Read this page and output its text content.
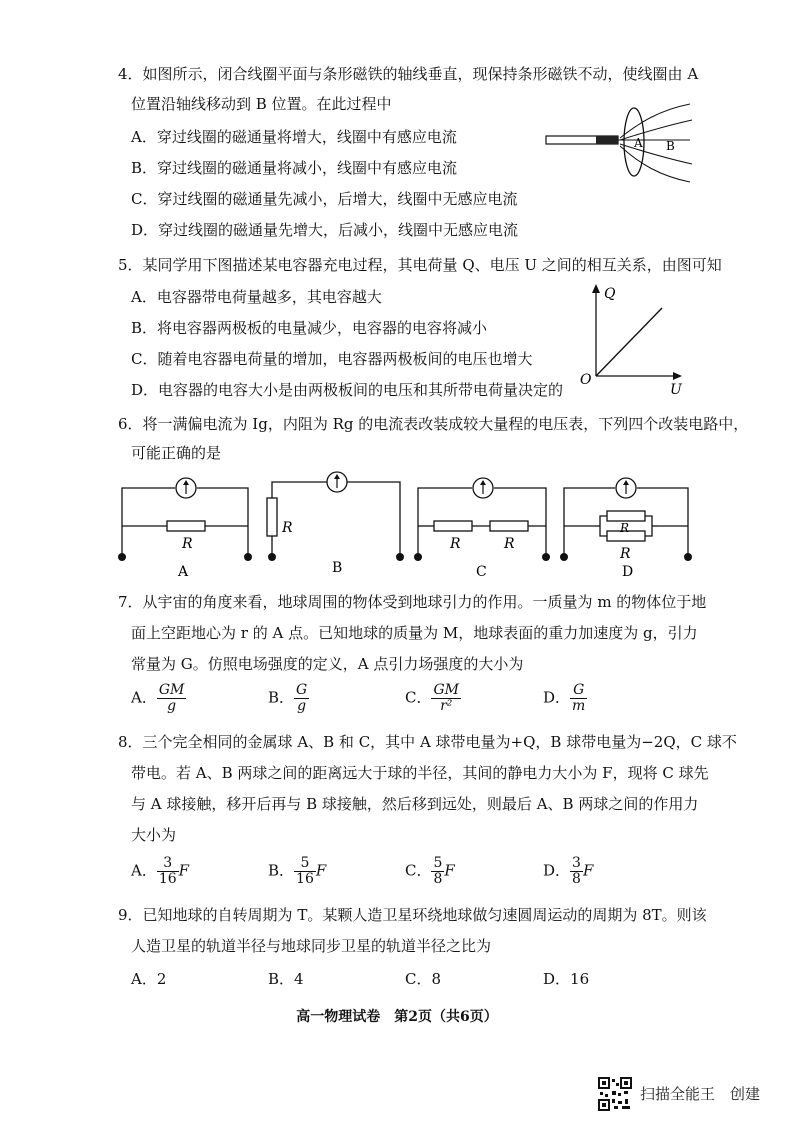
4．如图所示，闭合线圈平面与条形磁铁的轴线垂直，现保持条形磁铁不动，使线圈由 A
位置沿轴线移动到 B 位置。在此过程中
A．穿过线圈的磁通量将增大，线圈中有感应电流
B．穿过线圈的磁通量将减小，线圈中有感应电流
C．穿过线圈的磁通量先减小，后增大，线圈中无感应电流
D．穿过线圈的磁通量先增大，后减小，线圈中无感应电流
A B
5．某同学用下图描述某电容器充电过程，其电荷量 Q、电压 U 之间的相互关系，由图可知
A．电容器带电荷量越多，其电容越大
B．将电容器两极板的电量减少，电容器的电容将减小
C．随着电容器电荷量的增加，电容器两极板间的电压也增大
D．电容器的电容大小是由两极板间的电压和其所带电荷量决定的
Q
U
O
6．将一满偏电流为 Ig，内阻为 Rg 的电流表改装成较大量程的电压表，下列四个改装电路中，
可能正确的是
R
A
R
B
R	R
C
R
R
D
7．从宇宙的角度来看，地球周围的物体受到地球引力的作用。一质量为 m 的物体位于地
面上空距地心为 r 的 A 点。已知地球的质量为 M，地球表面的重力加速度为 g，引力
常量为 G。仿照电场强度的定义，A 点引力场强度的大小为
A． $\frac{GM}{g}$	B． $\frac{G}{g}$	C． $\frac{GM}{\text{r²}}$	D． $\frac{G}{m}$
8．三个完全相同的金属球 A、B 和 C，其中 A 球带电量为+Q，B 球带电量为−2Q，C 球不
带电。若 A、B 两球之间的距离远大于球的半径，其间的静电力大小为 F，现将 C 球先
与 A 球接触，移开后再与 B 球接触，然后移到远处，则最后 A、B 两球之间的作用力
大小为
A． $\frac{3}{16}$ F	B． $\frac{5}{16}$ F	C． $\frac{5}{8}$ F	D． $\frac{3}{8}$ F
9．已知地球的自转周期为 T。某颗人造卫星环绕地球做匀速圆周运动的周期为 8T。则该
人造卫星的轨道半径与地球同步卫星的轨道半径之比为
A．2	B．4	C．8	D．16
高一物理试卷　第2页（共6页）
扫描全能王　创建
